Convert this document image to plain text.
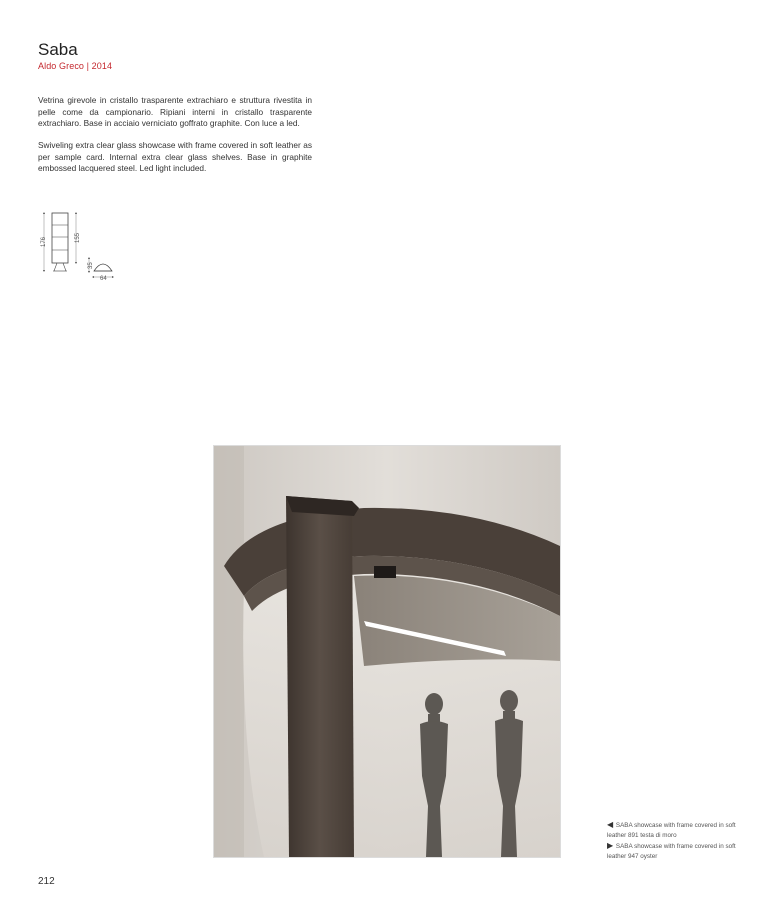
Saba
Aldo Greco | 2014
Vetrina girevole in cristallo trasparente extrachiaro e struttura rivestita in pelle come da campionario. Ripiani interni in cristallo trasparente extrachiaro. Base in acciaio verniciato goffrato graphite. Con luce a led.
Swiveling extra clear glass showcase with frame covered in soft leather as per sample card. Internal extra clear glass shelves. Base in graphite embossed lacquered steel. Led light included.
176	155
35
64
◀ SABA showcase with frame covered in soft leather 891 testa di moro
▶ SABA showcase with frame covered in soft leather 947 oyster
212
